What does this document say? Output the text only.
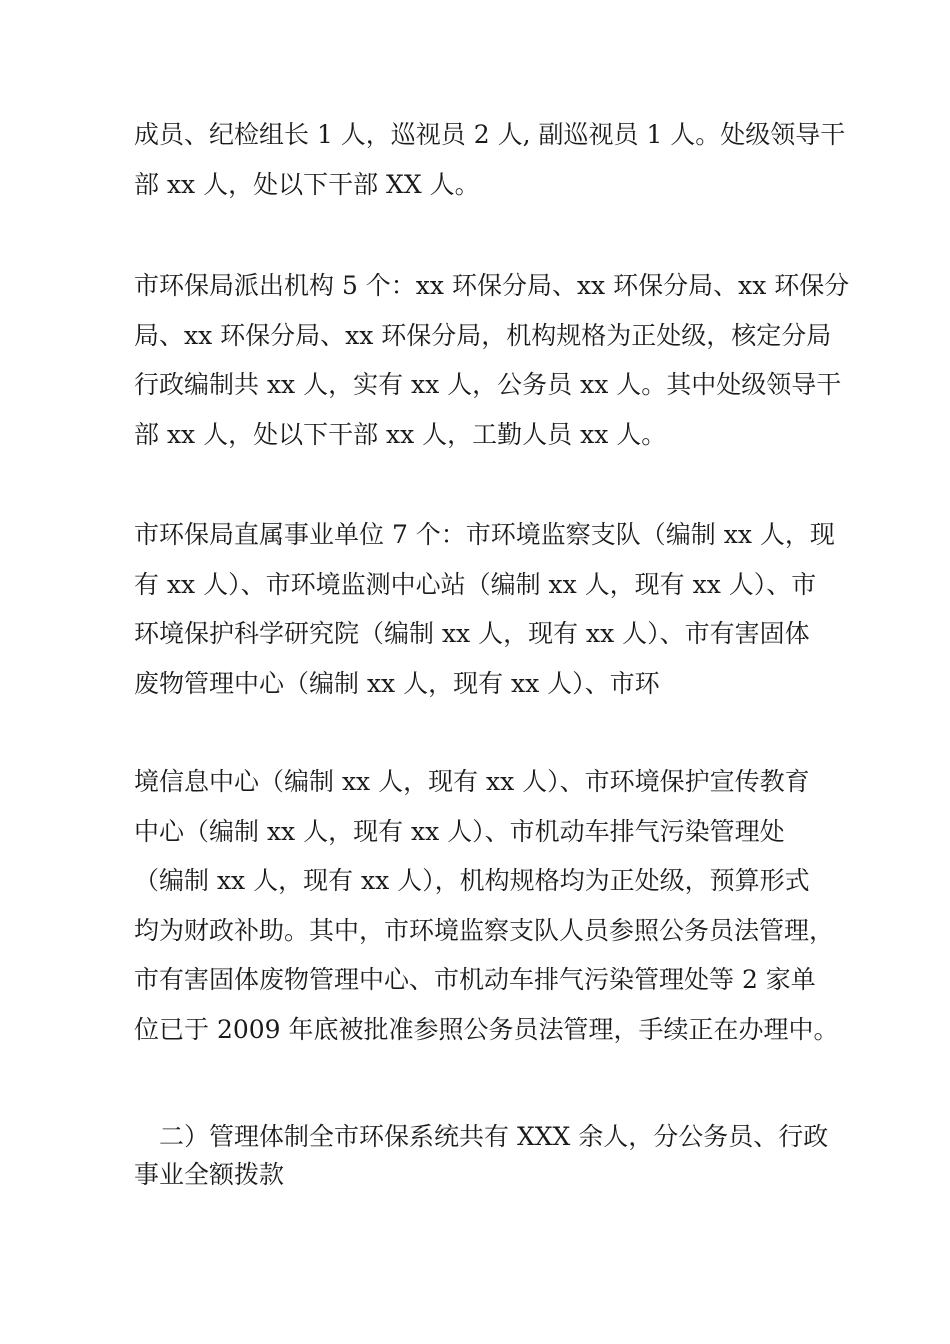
成员、纪检组长 1 人，巡视员 2 人, 副巡视员 1 人。处级领导干
部 xx 人，处以下干部 XX 人。
市环保局派出机构 5 个：xx 环保分局、xx 环保分局、xx 环保分
局、xx 环保分局、xx 环保分局，机构规格为正处级，核定分局
行政编制共 xx 人，实有 xx 人，公务员 xx 人。其中处级领导干
部 xx 人，处以下干部 xx 人，工勤人员 xx 人。
市环保局直属事业单位 7 个：市环境监察支队（编制 xx 人，现
有 xx 人）、市环境监测中心站（编制 xx 人，现有 xx 人）、市
环境保护科学研究院（编制 xx 人，现有 xx 人）、市有害固体
废物管理中心（编制 xx 人，现有 xx 人）、市环
境信息中心（编制 xx 人，现有 xx 人）、市环境保护宣传教育
中心（编制 xx 人，现有 xx 人）、市机动车排气污染管理处
（编制 xx 人，现有 xx 人），机构规格均为正处级，预算形式
均为财政补助。其中，市环境监察支队人员参照公务员法管理，
市有害固体废物管理中心、市机动车排气污染管理处等 2 家单
位已于 2009 年底被批准参照公务员法管理，手续正在办理中。
　二）管理体制全市环保系统共有 XXX 余人，分公务员、行政
事业全额拨款
